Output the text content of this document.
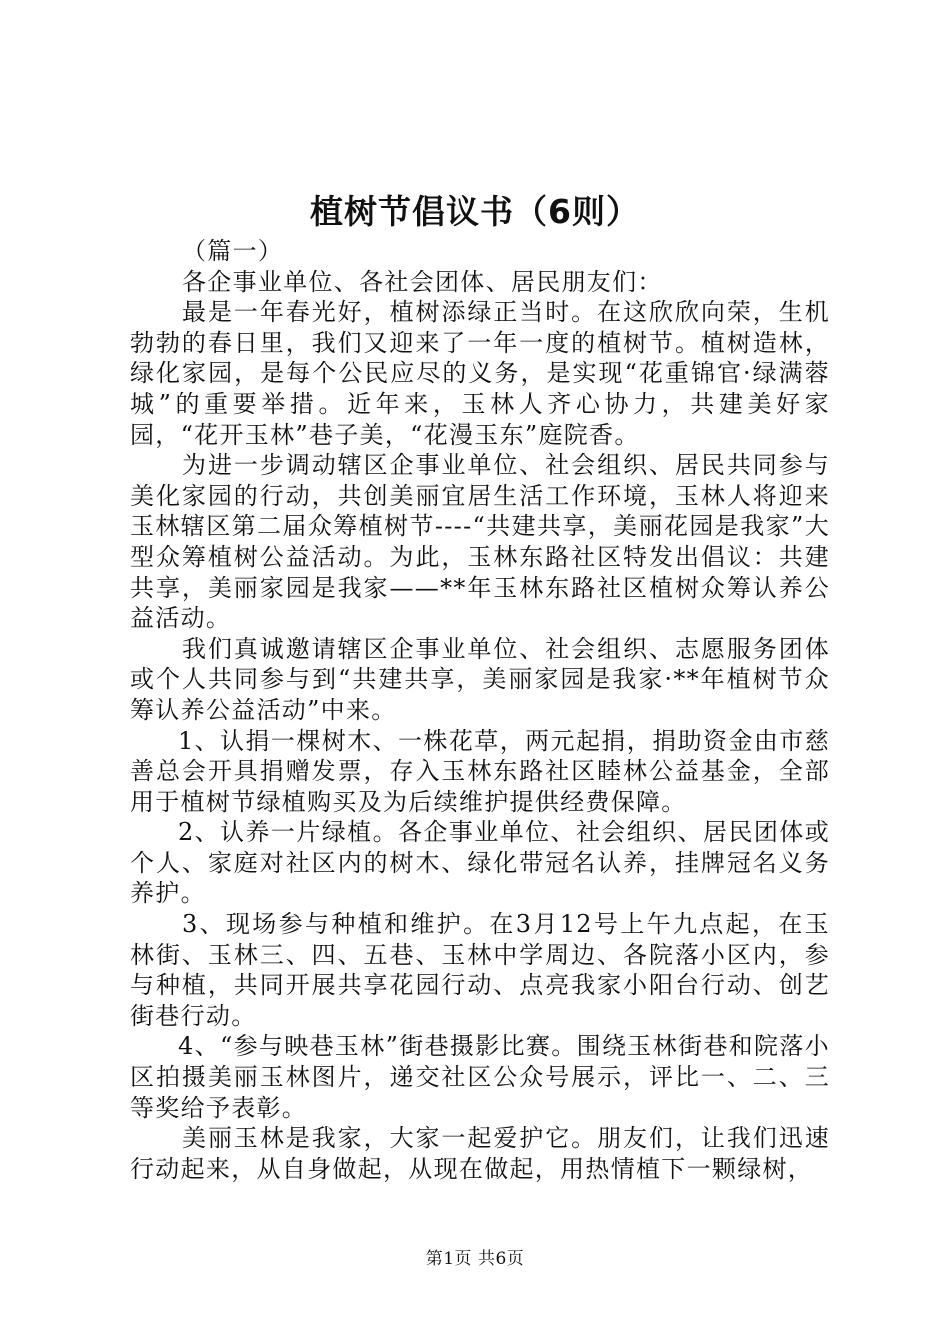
植树节倡议书（6则）

（篇一）

各企事业单位、各社会团体、居民朋友们：

最是一年春光好，植树添绿正当时。在这欣欣向荣，生机勃勃的春日里，我们又迎来了一年一度的植树节。植树造林，绿化家园，是每个公民应尽的义务，是实现“花重锦官·绿满蓉城”的重要举措。近年来，玉林人齐心协力，共建美好家园，“花开玉林”巷子美，“花漫玉东”庭院香。

为进一步调动辖区企事业单位、社会组织、居民共同参与美化家园的行动，共创美丽宜居生活工作环境，玉林人将迎来玉林辖区第二届众筹植树节----“共建共享，美丽花园是我家”大型众筹植树公益活动。为此，玉林东路社区特发出倡议：共建共享，美丽家园是我家——**年玉林东路社区植树众筹认养公益活动。

我们真诚邀请辖区企事业单位、社会组织、志愿服务团体或个人共同参与到“共建共享，美丽家园是我家·**年植树节众筹认养公益活动”中来。

1、认捐一棵树木、一株花草，两元起捐，捐助资金由市慈善总会开具捐赠发票，存入玉林东路社区睦林公益基金，全部用于植树节绿植购买及为后续维护提供经费保障。

2、认养一片绿植。各企事业单位、社会组织、居民团体或个人、家庭对社区内的树木、绿化带冠名认养，挂牌冠名义务养护。

3、现场参与种植和维护。在3月12号上午九点起，在玉林街、玉林三、四、五巷、玉林中学周边、各院落小区内，参与种植，共同开展共享花园行动、点亮我家小阳台行动、创艺街巷行动。

4、“参与映巷玉林”街巷摄影比赛。围绕玉林街巷和院落小区拍摄美丽玉林图片，递交社区公众号展示，评比一、二、三等奖给予表彰。

美丽玉林是我家，大家一起爱护它。朋友们，让我们迅速行动起来，从自身做起，从现在做起，用热情植下一颗绿树，

第1页 共6页
